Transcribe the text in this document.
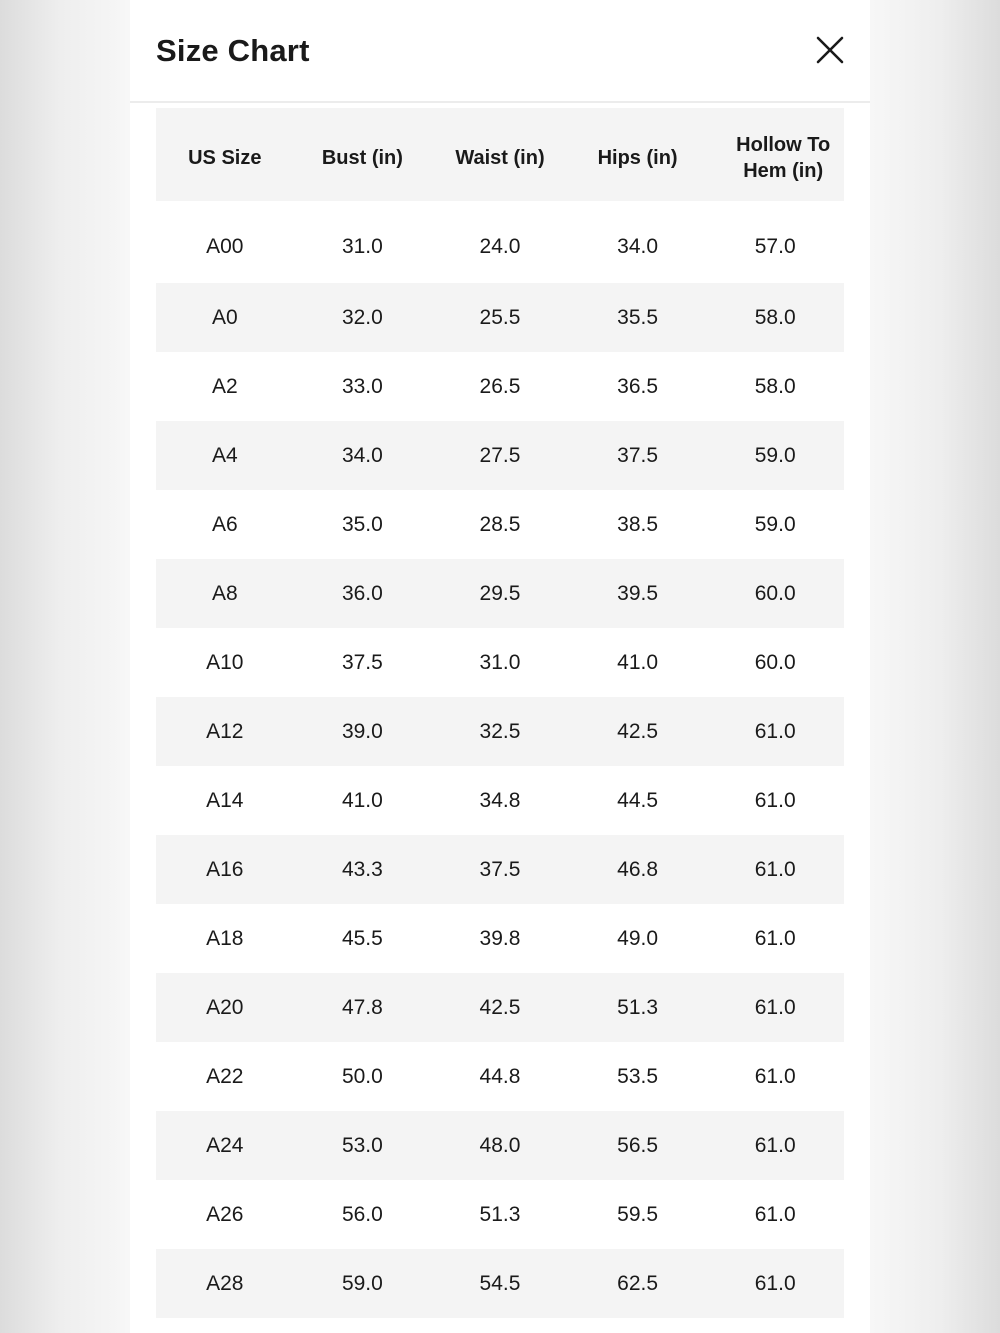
Size Chart
US Size	Bust (in)	Waist (in)	Hips (in)	Hollow To Hem (in)
A00	31.0	24.0	34.0	57.0
A0	32.0	25.5	35.5	58.0
A2	33.0	26.5	36.5	58.0
A4	34.0	27.5	37.5	59.0
A6	35.0	28.5	38.5	59.0
A8	36.0	29.5	39.5	60.0
A10	37.5	31.0	41.0	60.0
A12	39.0	32.5	42.5	61.0
A14	41.0	34.8	44.5	61.0
A16	43.3	37.5	46.8	61.0
A18	45.5	39.8	49.0	61.0
A20	47.8	42.5	51.3	61.0
A22	50.0	44.8	53.5	61.0
A24	53.0	48.0	56.5	61.0
A26	56.0	51.3	59.5	61.0
A28	59.0	54.5	62.5	61.0
